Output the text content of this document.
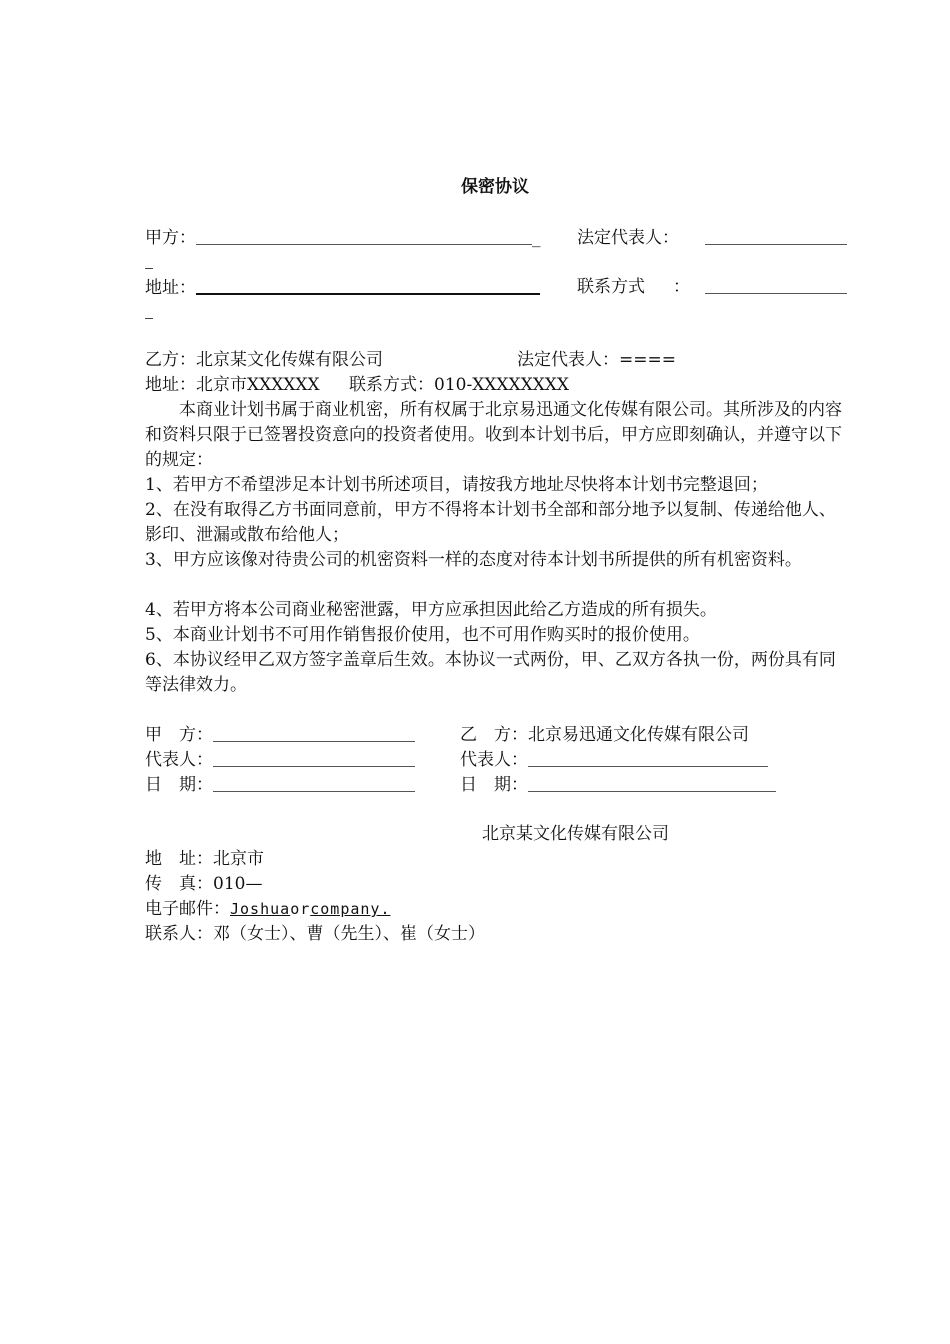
保密协议
甲方：	_ 法定代表人：
地址：	联系方式 ：
乙方：北京某文化传媒有限公司	法定代表人：====
地址：北京市XXXXXX 联系方式：010-XXXXXXXX
本商业计划书属于商业机密，所有权属于北京易迅通文化传媒有限公司。其所涉及的内容和资料只限于已签署投资意向的投资者使用。收到本计划书后，甲方应即刻确认，并遵守以下的规定：
1、若甲方不希望涉足本计划书所述项目，请按我方地址尽快将本计划书完整退回；
2、在没有取得乙方书面同意前，甲方不得将本计划书全部和部分地予以复制、传递给他人、影印、泄漏或散布给他人；
3、甲方应该像对待贵公司的机密资料一样的态度对待本计划书所提供的所有机密资料。
4、若甲方将本公司商业秘密泄露，甲方应承担因此给乙方造成的所有损失。
5、本商业计划书不可用作销售报价使用，也不可用作购买时的报价使用。
6、本协议经甲乙双方签字盖章后生效。本协议一式两份，甲、乙双方各执一份，两份具有同等法律效力。
甲　方：	乙　方：北京易迅通文化传媒有限公司
代表人：	代表人：
日　期：	日　期：
北京某文化传媒有限公司
地　址：北京市
传　真：010—
电子邮件：Joshuaorcompany.
联系人：邓（女士）、曹（先生）、崔（女士）
